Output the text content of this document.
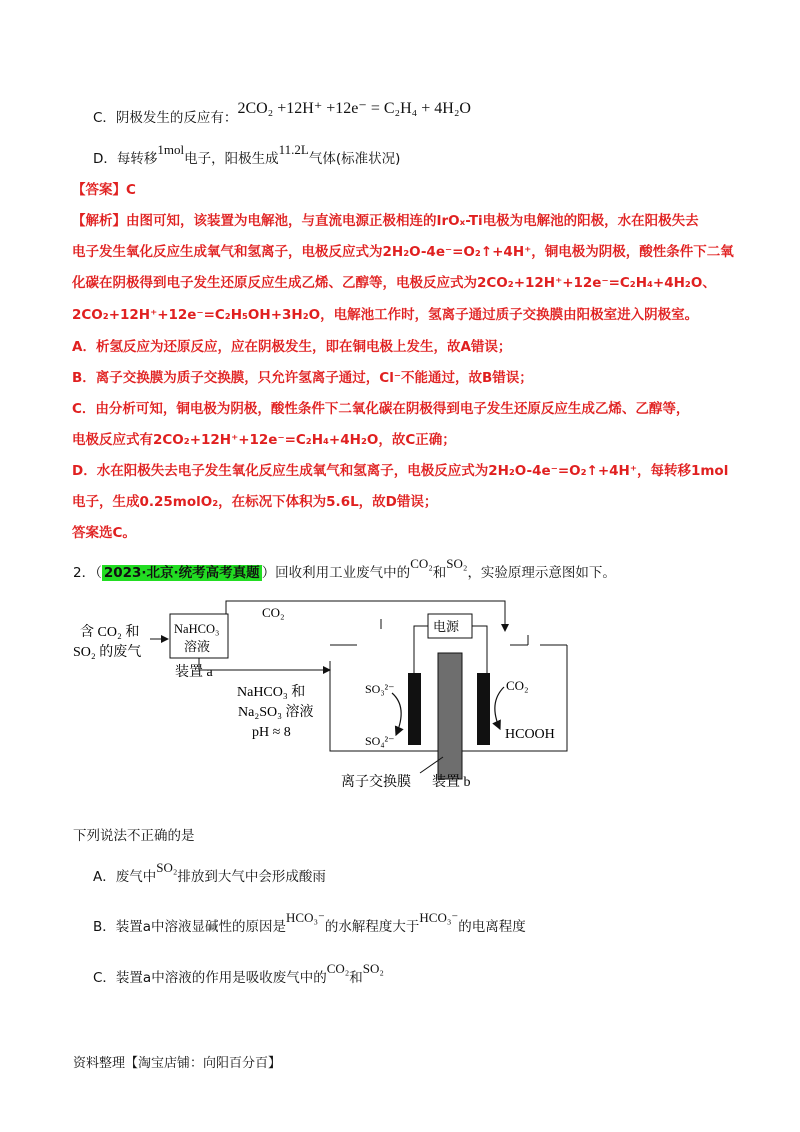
C．阴极发生的反应有：2CO₂ +12H⁺ +12e⁻ = C₂H₄ + 4H₂O
D．每转移1mol电子，阳极生成11.2L气体(标准状况)
【答案】C
【解析】由图可知，该装置为电解池，与直流电源正极相连的IrOₓ-Ti电极为电解池的阳极，水在阳极失去
电子发生氧化反应生成氧气和氢离子，电极反应式为2H₂O-4e⁻=O₂↑+4H⁺，铜电极为阴极，酸性条件下二氧
化碳在阴极得到电子发生还原反应生成乙烯、乙醇等，电极反应式为2CO₂+12H⁺+12e⁻=C₂H₄+4H₂O、
2CO₂+12H⁺+12e⁻=C₂H₅OH+3H₂O，电解池工作时，氢离子通过质子交换膜由阳极室进入阴极室。
A．析氢反应为还原反应，应在阴极发生，即在铜电极上发生，故A错误；
B．离子交换膜为质子交换膜，只允许氢离子通过，Cl⁻不能通过，故B错误；
C．由分析可知，铜电极为阴极，酸性条件下二氧化碳在阴极得到电子发生还原反应生成乙烯、乙醇等，
电极反应式有2CO₂+12H⁺+12e⁻=C₂H₄+4H₂O，故C正确；
D．水在阳极失去电子发生氧化反应生成氧气和氢离子，电极反应式为2H₂O-4e⁻=O₂↑+4H⁺，每转移1mol
电子，生成0.25molO₂，在标况下体积为5.6L，故D错误；
答案选C。
2．（ 2023·北京·统考高考真题 ）回收利用工业废气中的CO₂和SO₂，实验原理示意图如下。
含 CO₂ 和
SO₂ 的废气
NaHCO₃
溶液
装置 a
CO₂
NaHCO₃ 和
Na₂SO₃ 溶液
pH ≈ 8
电源
SO₃²⁻
SO₄²⁻
CO₂
HCOOH
离子交换膜 装置 b
下列说法不正确的是
A．废气中SO₂排放到大气中会形成酸雨
B．装置a中溶液显碱性的原因是HCO₃⁻的水解程度大于HCO₃⁻的电离程度
C．装置a中溶液的作用是吸收废气中的CO₂和SO₂
资料整理【淘宝店铺：向阳百分百】
